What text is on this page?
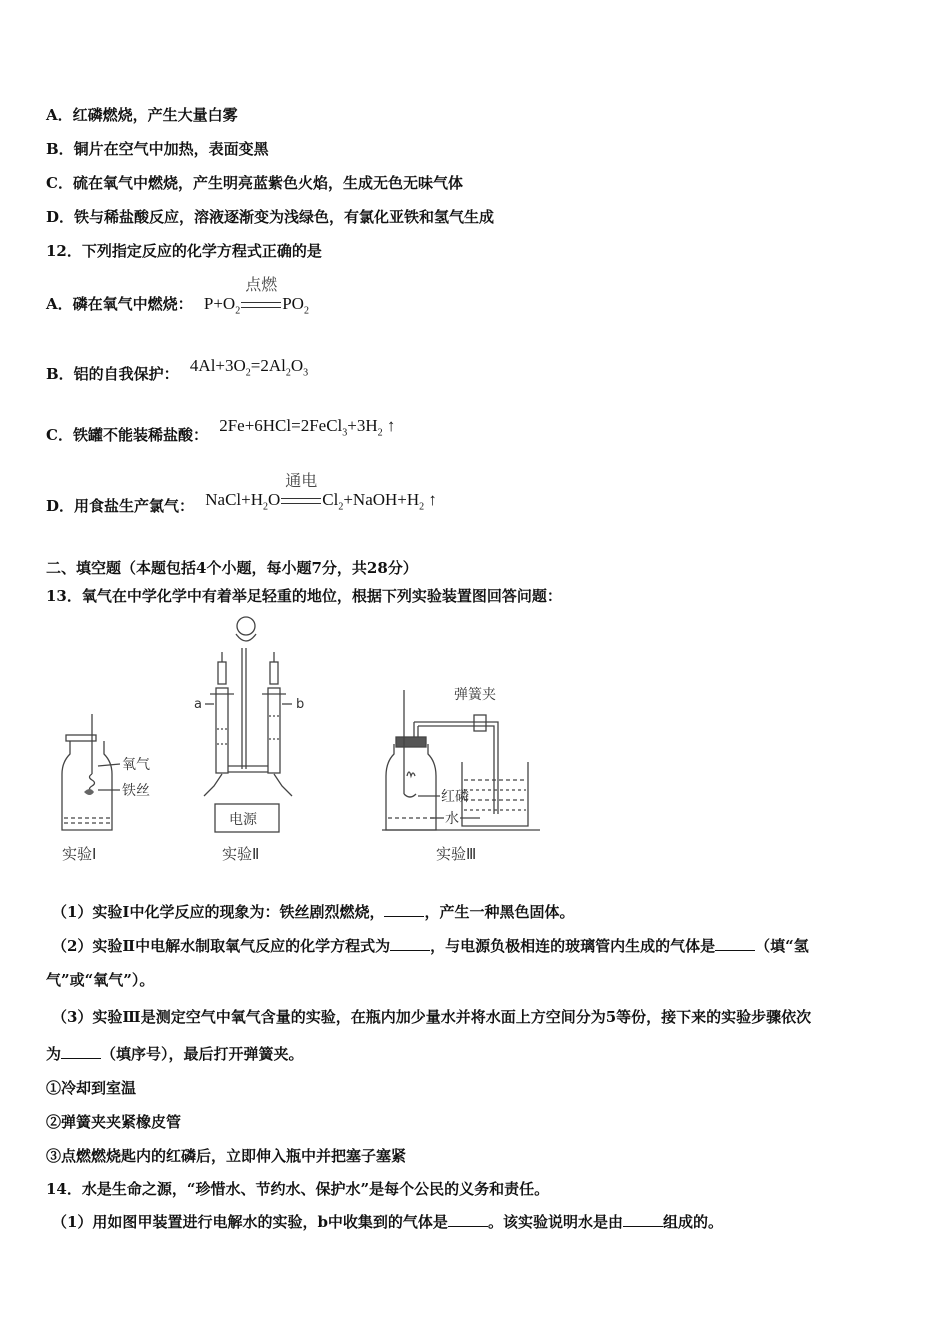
A．红磷燃烧，产生大量白雾
B．铜片在空气中加热，表面变黑
C．硫在氧气中燃烧，产生明亮蓝紫色火焰，生成无色无味气体
D．铁与稀盐酸反应，溶液逐渐变为浅绿色，有氯化亚铁和氢气生成
12．下列指定反应的化学方程式正确的是
A．磷在氧气中燃烧： $P+O_2$
点燃
$PO_2$
B．铝的自我保护： $4Al+3O_2=2Al_2O_3$
C．铁罐不能装稀盐酸： $2Fe+6HCl=2FeCl_3+3H_2$ ↑
D．用食盐生产氯气： $NaCl+H_2O$
通电
$Cl_2+NaOH+H_2$ ↑
二、填空题（本题包括4个小题，每小题7分，共28分）
13．氧气在中学化学中有着举足轻重的地位，根据下列实验装置图回答问题：
氧气
铁丝
实验Ⅰ
a	b
电源
实验Ⅱ
弹簧夹
红磷
水
实验Ⅲ
（1）实验Ⅰ中化学反应的现象为：铁丝剧烈燃烧，	，产生一种黑色固体。
（2）实验Ⅱ中电解水制取氧气反应的化学方程式为	，与电源负极相连的玻璃管内生成的气体是	（填“氢
气”或“氧气”）。
（3）实验Ⅲ是测定空气中氧气含量的实验，在瓶内加少量水并将水面上方空间分为5等份，接下来的实验步骤依次
为	（填序号），最后打开弹簧夹。
①冷却到室温
②弹簧夹夹紧橡皮管
③点燃燃烧匙内的红磷后，立即伸入瓶中并把塞子塞紧
14．水是生命之源，“珍惜水、节约水、保护水”是每个公民的义务和责任。
（1）用如图甲装置进行电解水的实验，b中收集到的气体是	。该实验说明水是由	组成的。
